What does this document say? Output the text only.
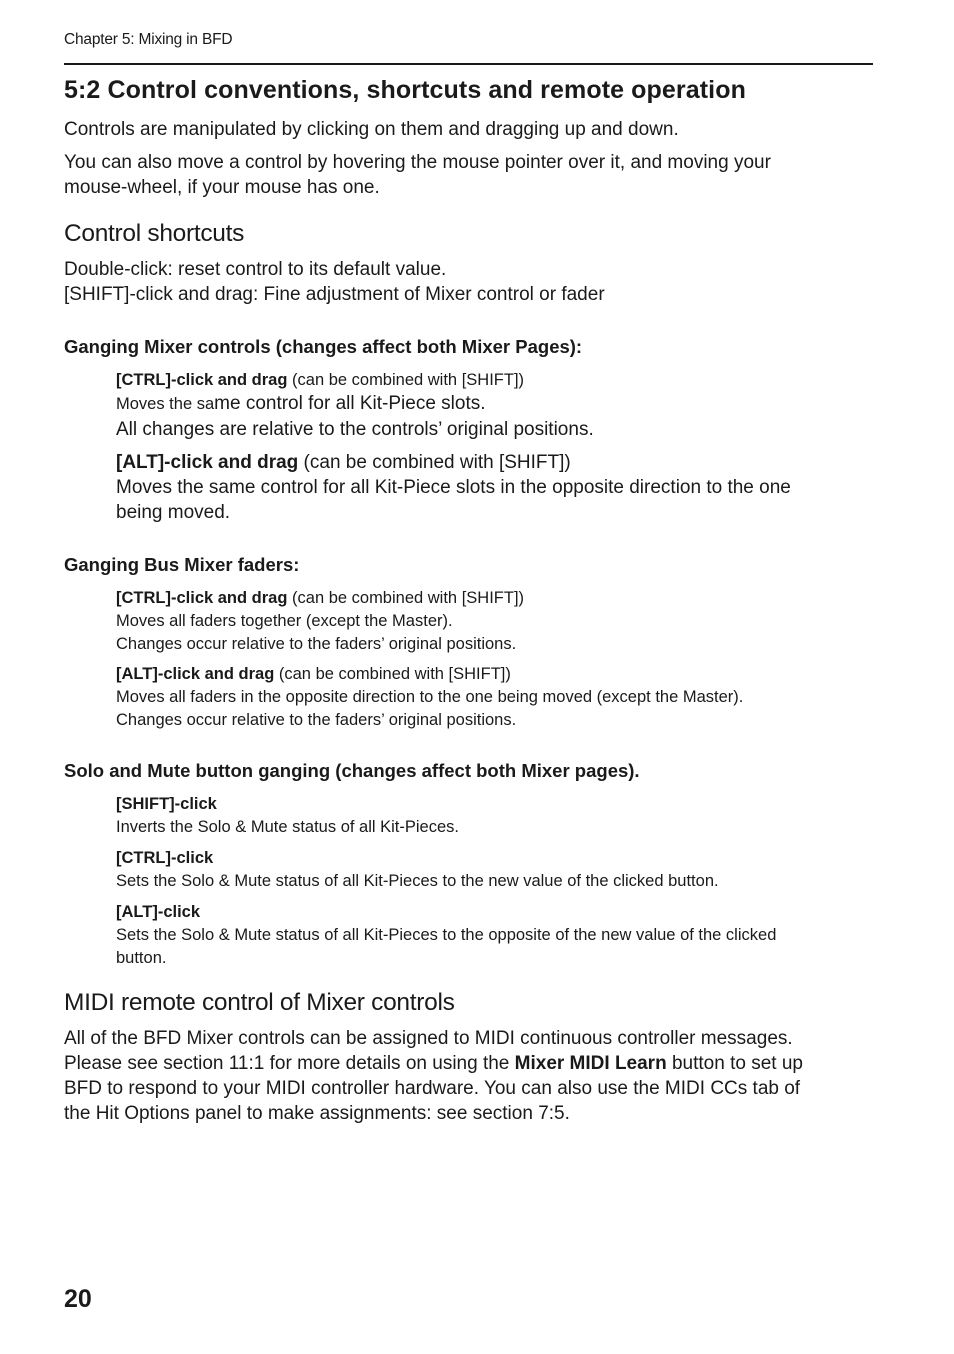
Chapter 5: Mixing in BFD
5:2 Control conventions, shortcuts and remote operation

Controls are manipulated by clicking on them and dragging up and down.

You can also move a control by hovering the mouse pointer over it, and moving your
mouse-wheel, if your mouse has one.

Control shortcuts

Double-click: reset control to its default value.
[SHIFT]-click and drag: Fine adjustment of Mixer control or fader

Ganging Mixer controls (changes affect both Mixer Pages):
[CTRL]-click and drag (can be combined with [SHIFT])
Moves the same control for all Kit-Piece slots.

All changes are relative to the controls’ original positions.

[ALT]-click and drag (can be combined with [SHIFT])
Moves the same control for all Kit-Piece slots in the opposite direction to the one
being moved.
Ganging Bus Mixer faders:
[CTRL]-click and drag (can be combined with [SHIFT])
Moves all faders together (except the Master).
Changes occur relative to the faders’ original positions.
[ALT]-click and drag (can be combined with [SHIFT])
Moves all faders in the opposite direction to the one being moved (except the Master).
Changes occur relative to the faders’ original positions.
Solo and Mute button ganging (changes affect both Mixer pages).
[SHIFT]-click
Inverts the Solo & Mute status of all Kit-Pieces.
[CTRL]-click
Sets the Solo & Mute status of all Kit-Pieces to the new value of the clicked button.
[ALT]-click
Sets the Solo & Mute status of all Kit-Pieces to the opposite of the new value of the clicked
button.
MIDI remote control of Mixer controls

All of the BFD Mixer controls can be assigned to MIDI continuous controller messages.
Please see section 11:1 for more details on using the Mixer MIDI Learn button to set up
BFD to respond to your MIDI controller hardware. You can also use the MIDI CCs tab of
the Hit Options panel to make assignments: see section 7:5.

20
